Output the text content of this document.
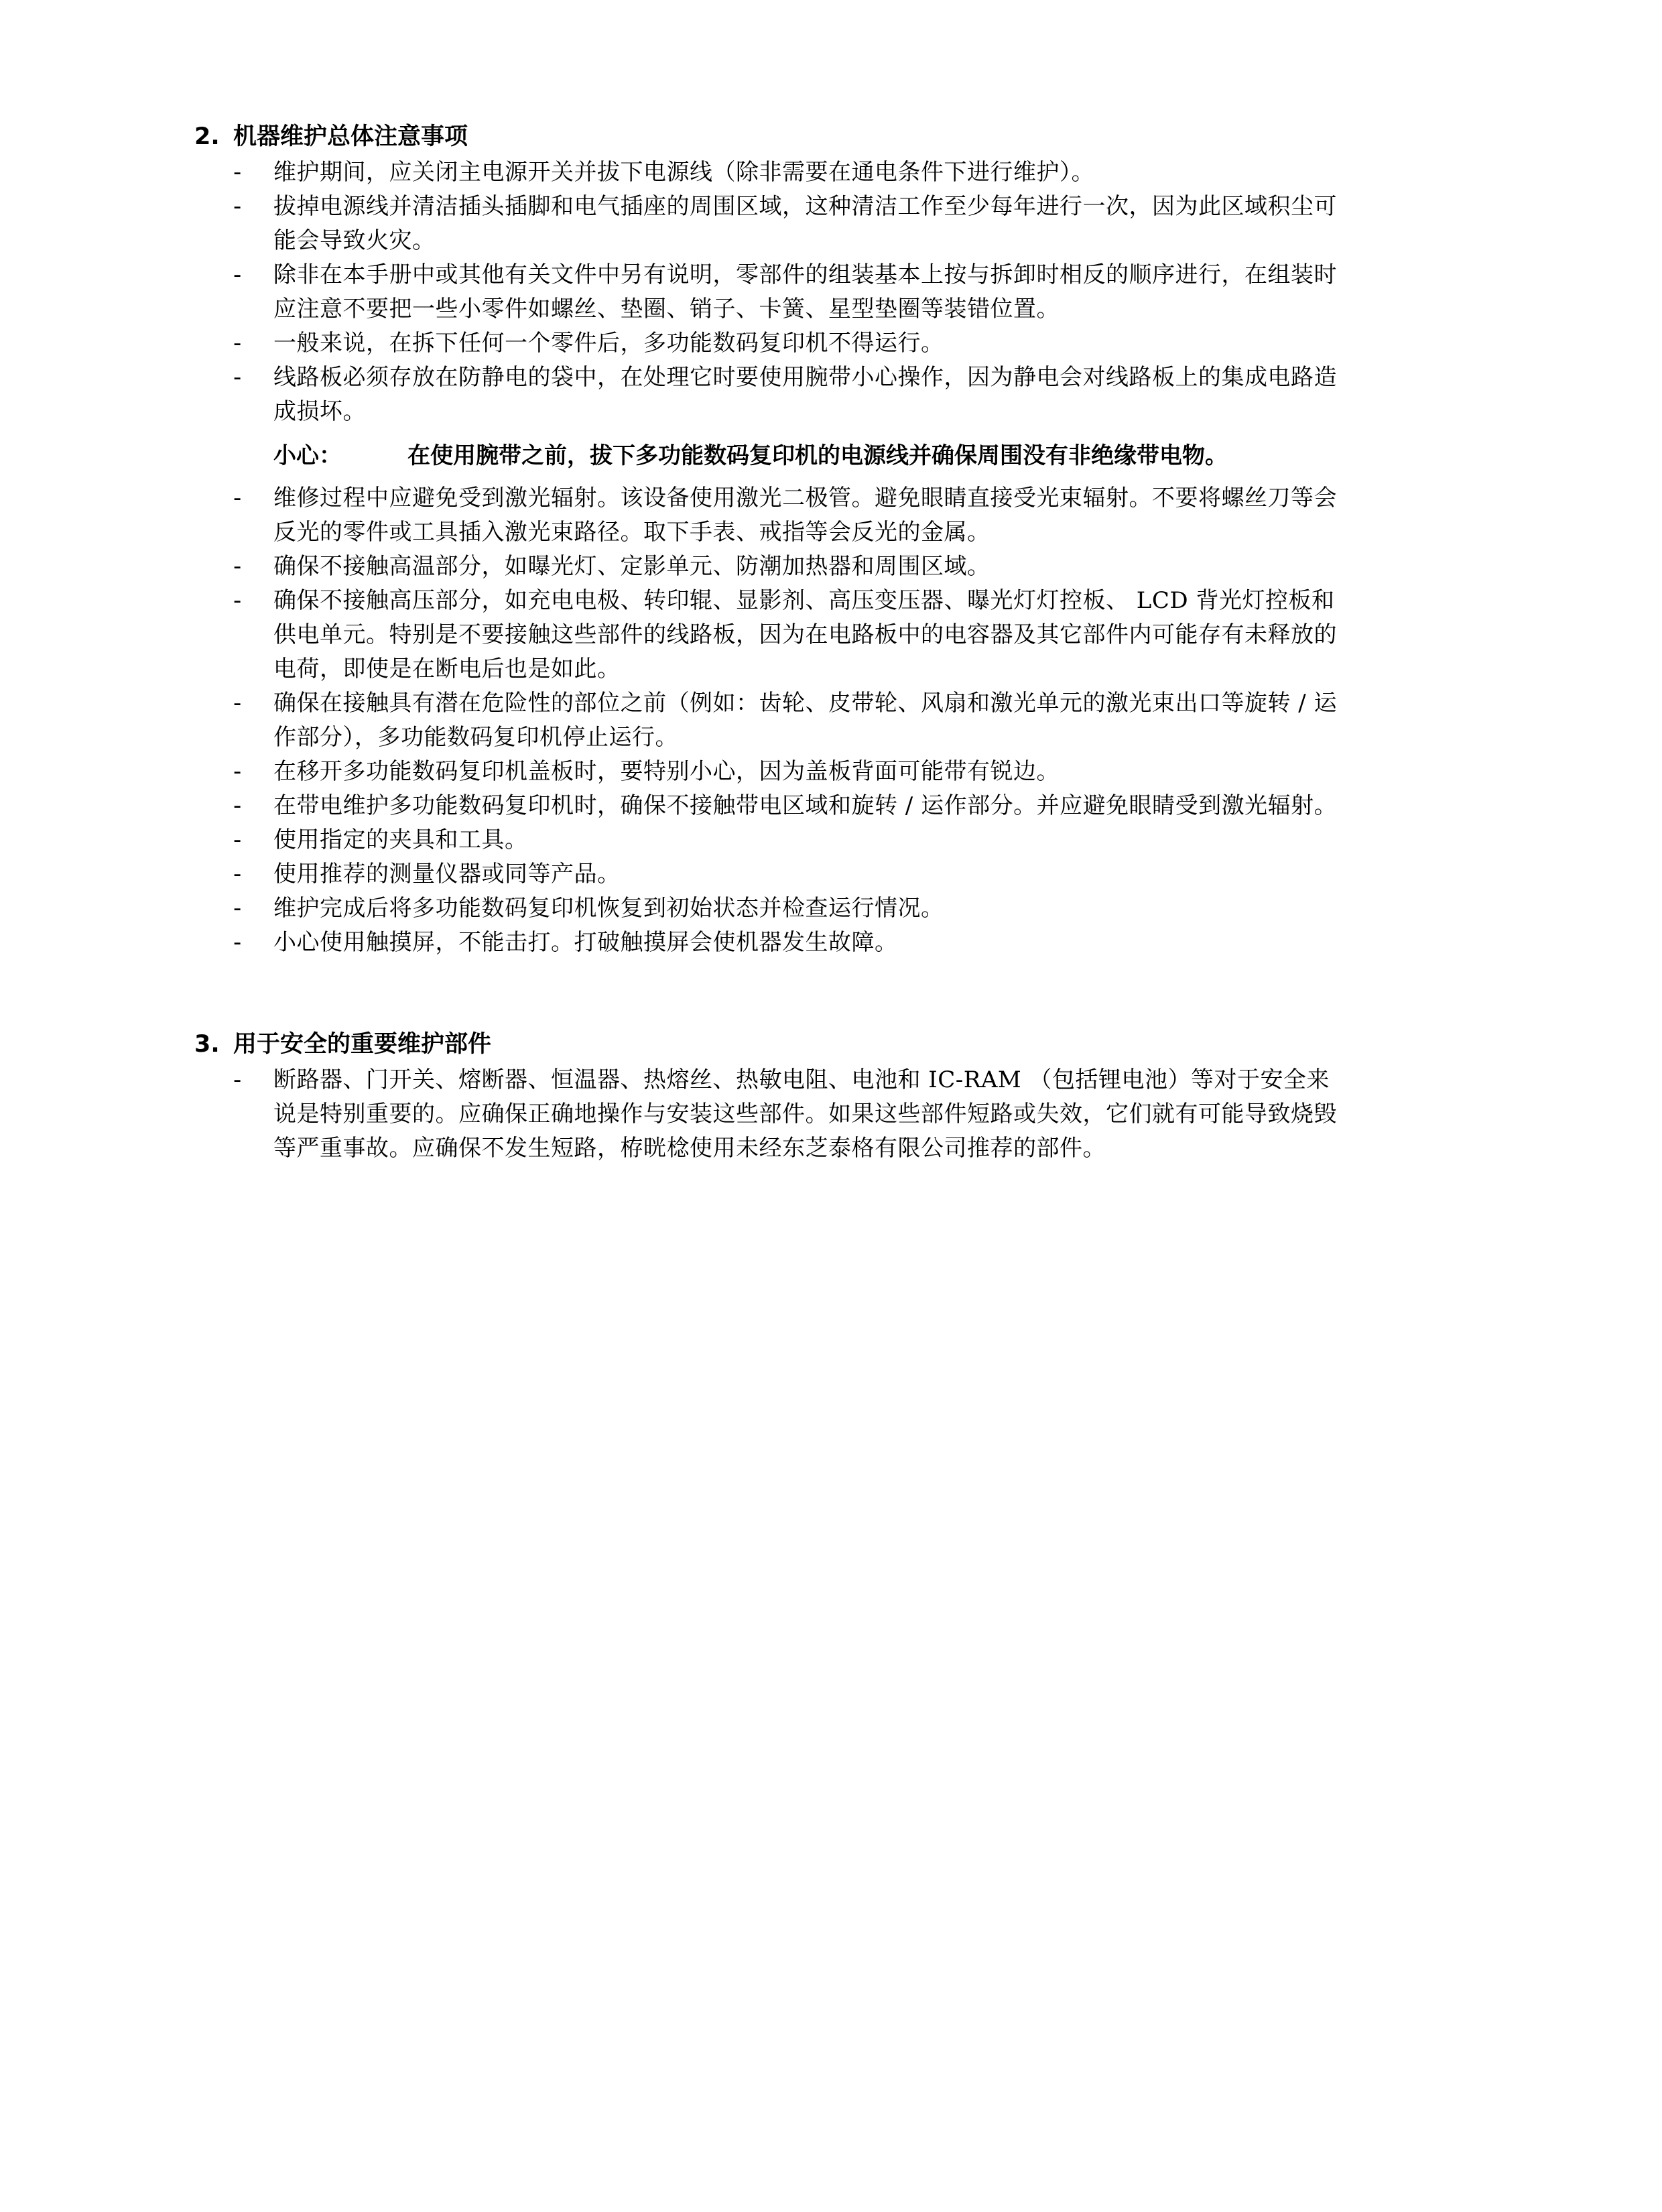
2. 机器维护总体注意事项
- 维护期间，应关闭主电源开关并拔下电源线（除非需要在通电条件下进行维护）。
- 拔掉电源线并清洁插头插脚和电气插座的周围区域，这种清洁工作至少每年进行一次，因为此区域积尘可能会导致火灾。
- 除非在本手册中或其他有关文件中另有说明，零部件的组装基本上按与拆卸时相反的顺序进行，在组装时应注意不要把一些小零件如螺丝、垫圈、销子、卡簧、星型垫圈等装错位置。
- 一般来说，在拆下任何一个零件后，多功能数码复印机不得运行。
- 线路板必须存放在防静电的袋中，在处理它时要使用腕带小心操作，因为静电会对线路板上的集成电路造成损坏。
小心：	在使用腕带之前，拔下多功能数码复印机的电源线并确保周围没有非绝缘带电物。
- 维修过程中应避免受到激光辐射。该设备使用激光二极管。避免眼睛直接受光束辐射。不要将螺丝刀等会反光的零件或工具插入激光束路径。取下手表、戒指等会反光的金属。
- 确保不接触高温部分，如曝光灯、定影单元、防潮加热器和周围区域。
- 确保不接触高压部分，如充电电极、转印辊、显影剂、高压变压器、曝光灯灯控板、 LCD 背光灯控板和供电单元。特别是不要接触这些部件的线路板，因为在电路板中的电容器及其它部件内可能存有未释放的电荷，即使是在断电后也是如此。
- 确保在接触具有潜在危险性的部位之前（例如：齿轮、皮带轮、风扇和激光单元的激光束出口等旋转 / 运作部分），多功能数码复印机停止运行。
- 在移开多功能数码复印机盖板时，要特别小心，因为盖板背面可能带有锐边。
- 在带电维护多功能数码复印机时，确保不接触带电区域和旋转 / 运作部分。并应避免眼睛受到激光辐射。
- 使用指定的夹具和工具。
- 使用推荐的测量仪器或同等产品。
- 维护完成后将多功能数码复印机恢复到初始状态并检查运行情况。
- 小心使用触摸屏，不能击打。打破触摸屏会使机器发生故障。
3. 用于安全的重要维护部件
- 断路器、门开关、熔断器、恒温器、热熔丝、热敏电阻、电池和 IC-RAM （包括锂电池）等对于安全来说是特别重要的。应确保正确地操作与安装这些部件。如果这些部件短路或失效，它们就有可能导致烧毁等严重事故。应确保不发生短路，栫晄棯使用未经东芝泰格有限公司推荐的部件。
